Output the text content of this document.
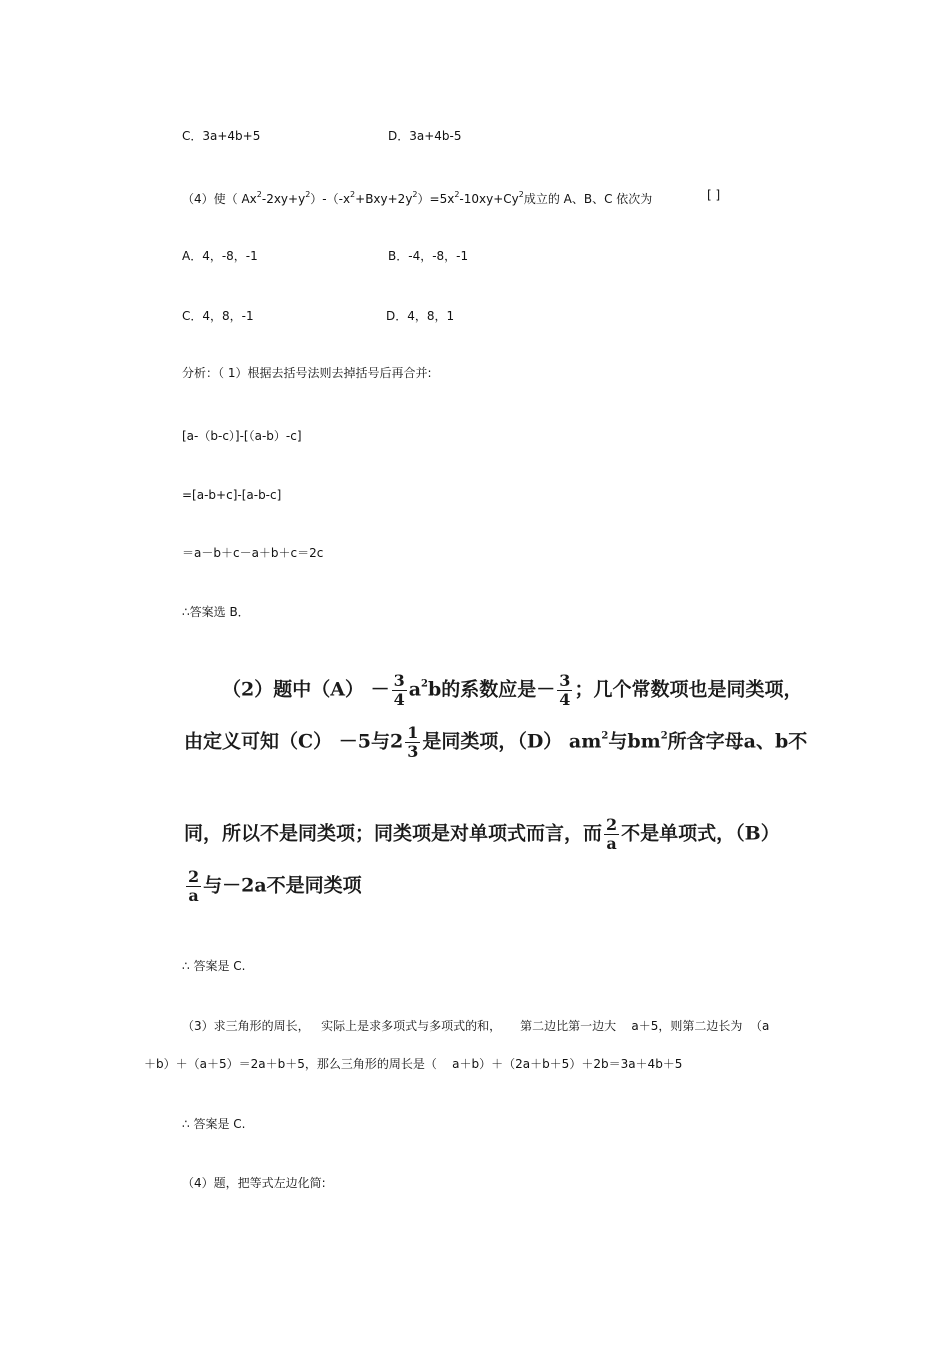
C．3a+4b+5	D．3a+4b-5
（4）使（ $Ax^2-2xy+y^2)-(-x^2+Bxy+2y^2)=5x^2-10xy+Cy^2$成立的 A、B、C 依次为	[ ]
A．4，-8，-1	B．-4，-8，-1
C．4，8，-1	D．4，8，1
分析：（ 1）根据去括号法则去掉括号后再合并:
[a-（b-c）]-[（a-b）-c]
=[a-b+c]-[a-b-c]
＝a－b＋c－a＋b＋c＝2c
∴答案选 B．
（2）题中$(A) - \frac{3}{4} a^2b$的系数应是－ $\frac{3}{4}$ ；几个常数项也是同类项，
由定义可知（C） －5与$2 \frac{1}{3}$ 是同类项，（D） $am^2$与$bm^2$所含字母a、b不
同，所以不是同类项；同类项是对单项式而言，而 $\frac{2}{a}$ 不是单项式，（B）
$\frac{2}{a}$ 与－2a不是同类项
∴ 答案是 C.
（3）求三角形的周长，   实际上是求多项式与多项式的和，     第二边比第一边大    a＋5，则第二边长为  （a
＋b）＋（a＋5）＝2a＋b＋5，那么三角形的周长是（    a＋b）＋（2a＋b＋5）＋2b＝3a＋4b＋5
∴ 答案是 C.
（4）题，把等式左边化简:
